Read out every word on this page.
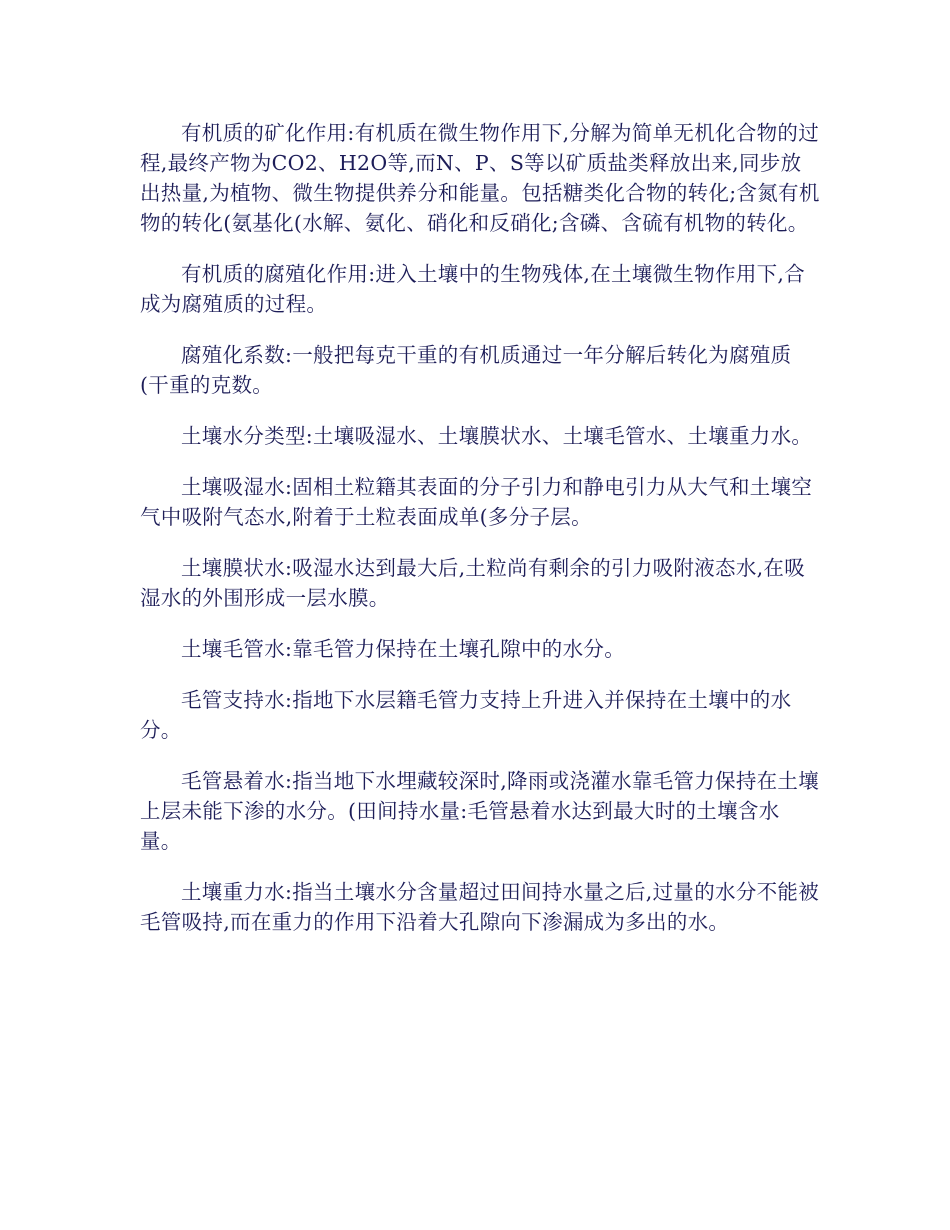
有机质的矿化作用:有机质在微生物作用下,分解为简单无机化合物的过程,最终产物为CO2、H2O等,而N、P、S等以矿质盐类释放出来,同步放出热量,为植物、微生物提供养分和能量。包括糖类化合物的转化;含氮有机物的转化(氨基化(水解、氨化、硝化和反硝化;含磷、含硫有机物的转化。

有机质的腐殖化作用:进入土壤中的生物残体,在土壤微生物作用下,合成为腐殖质的过程。

腐殖化系数:一般把每克干重的有机质通过一年分解后转化为腐殖质(干重的克数。

土壤水分类型:土壤吸湿水、土壤膜状水、土壤毛管水、土壤重力水。

土壤吸湿水:固相土粒籍其表面的分子引力和静电引力从大气和土壤空气中吸附气态水,附着于土粒表面成单(多分子层。

土壤膜状水:吸湿水达到最大后,土粒尚有剩余的引力吸附液态水,在吸湿水的外围形成一层水膜。

土壤毛管水:靠毛管力保持在土壤孔隙中的水分。

毛管支持水:指地下水层籍毛管力支持上升进入并保持在土壤中的水分。

毛管悬着水:指当地下水埋藏较深时,降雨或浇灌水靠毛管力保持在土壤上层未能下渗的水分。(田间持水量:毛管悬着水达到最大时的土壤含水量。

土壤重力水:指当土壤水分含量超过田间持水量之后,过量的水分不能被毛管吸持,而在重力的作用下沿着大孔隙向下渗漏成为多出的水。
